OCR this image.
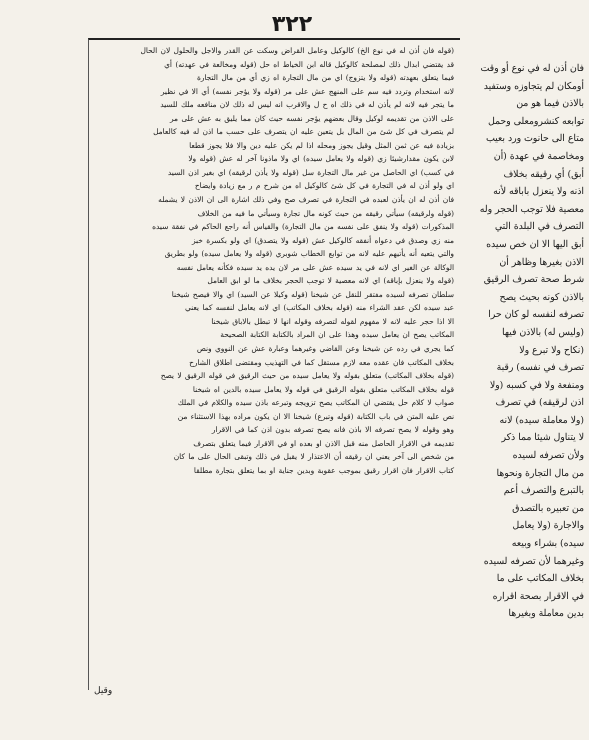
٣٢٢
(قوله فان أذن له في نوع الخ) كالوكيل وعامل القراض وسكت عن القدر والاجل والحلول لان الحال
قد يقتضي ابدال ذلك لمصلحة كالوكيل قاله ابن الخياط اه حل (قوله ومخالعة في عهدته) أي
فيما يتعلق بعهدته (قوله ولا يتزوج) اي من مال التجارة اه زي أي من مال التجارة
لانه استخدام وتردد فيه سم على المنهج عش على مر (قوله ولا يؤجر نفسه) أي الا في نظير
ما يتجر فيه لانه لم يأذن له في ذلك اه ح ل والاقرب انه ليس له ذلك لان منافعه ملك للسيد
على الاذن من تقديمه لوكيل وقال بعضهم يؤجر نفسه حيث كان مما يليق به عش على مر
لم يتصرف في كل شئ من المال بل يتعين عليه ان يتصرف على حسب ما اذن له فيه كالعامل
بزيادة فيه عن ثمن المثل وقيل يجوز ومحله اذا لم يكن عليه دين والا فلا يجوز قطعا
لابن يكون مقدارشيئا زي (قوله ولا يعامل سيده) اي ولا ماذونا آخر له عش (قوله ولا
في كسب) اي الحاصل من غير مال التجارة سل (قوله ولا يأذن لرقيقه) اي بغير اذن السيد
اي ولو أذن له في التجارة في كل شئ كالوكيل اه من شرح م ر مع زيادة وايضاح
فان أذن له ان يأذن لعبده في التجارة في تصرف صح وفي ذلك اشارة الى ان الاذن لا يشمله
(قوله ولرقيقه) سيأتي رقيقه من حيث كونه مال تجارة وسيأتي ما فيه من الخلاف
المذكورات (قوله ولا ينفق على نفسه من مال التجارة) والقياس أنه راجع الحاكم في نفقة سيده
منه زي وصدق في دعواه أنفقه كالوكيل عش (قوله ولا يتصدق) اي ولو بكسرة خبز
والتي يتعيه أنه يأتيهم عليه لانه من توابع الخطاب شوبري (قوله ولا يعامل سيده) ولو بطريق
الوكالة عن الغير اي لانه في يد سيده عش على مر لان يده يد سيده فكأنه يعامل نفسه
(قوله ولا ينعزل بإباقه) اي لانه معصية لا توجب الحجر بخلاف ما لو ابق العامل
سلطان تصرفه لسيده مفتقر للنقل عن شيخنا (قوله وكيلا عن السيد) اي والا فيصح شيخنا
عبد سيده لكن عقد الشراء منه (قوله بخلاف المكاتب) اي لانه يعامل لنفسه كما يعني
الا اذا حجر عليه لانه لا مفهوم لقوله لتصرفه وقوله انها لا تبطل بالاباق شيخنا
المكاتب يصح ان يعامل سيده وهذا على ان المراد بالكتابة الكتابة الصحيحة
كما يجري في رده عن شيخنا وعن القاضي وغيرهما وعبارة عش عن النووي ونص
بخلاف المكاتب فان عقده معه لازم مستقل كما في التهذيب ومقتضى اطلاق الشارح
(قوله بخلاف المكاتب) متعلق بقوله ولا يعامل سيده من حيث الرقيق في قوله الرقيق لا يصح
قوله بخلاف المكاتب متعلق بقوله الرقيق في قوله ولا يعامل سيده بالدين اه شيخنا
صواب لا كلام حل يقتضي ان المكاتب يصح تزويجه وتبرعه باذن سيده والكلام في الملك
نص عليه المتن في باب الكتابة (قوله وتبرع) شيخنا الا ان يكون مراده بهذا الاستثناء من
وهو وقوله لا يصح تصرفه الا باذن فانه يصح تصرفه بدون اذن كما في الاقرار
تقديمه في الاقرار الحاصل منه قبل الاذن او بعده او في الاقرار فيما يتعلق بتصرف
من شخص الى آخر يعني ان رقيقه أن الاعتذار لا يقبل في ذلك وتبقى الحال على ما كان
كتاب الاقرار فان اقرار رقيق بموجب عقوبة وبدين جناية او بما يتعلق بتجارة مطلقا
فان أذن له في نوع أو وقت
أومكان لم يتجاوزه وستفيد
بالاذن فيما هو من
توابعه كنشرومعلى وحمل
متاع الى حانوت ورد بعيب
ومخاصمة في عهدة (أن
أبق) أي رقيقه بخلاف
اذنه ولا ينعزل باباقه لأنه
معصية فلا توجب الحجر وله
التصرف في البلدة التي
أبق اليها الا ان خص سيده
الاذن بغيرها وظاهر أن
شرط صحة تصرف الرقيق
بالاذن كونه بحيث يصح
تصرفه لنفسه لو كان حرا
(وليس له) بالاذن فيها
(نكاح ولا تبرع ولا
تصرف في نفسه) رقبة
ومنفعة ولا في كسبه (ولا
اذن لرقيقه) في تصرف
(ولا معاملة سيده) لانه
لا يتناول شيئا مما ذكر
ولأن تصرفه لسيده
من مال التجارة ونحوها
بالتبرع والتصرف أعم
من تعبيره بالتصدق
والاجارة (ولا يعامل
سيده) بشراء وبيعه
وغيرهما لأن تصرفه لسيده
بخلاف المكاتب على ما
في الاقرار بصحة اقراره
بدين معاملة وبغيرها
وقيل
